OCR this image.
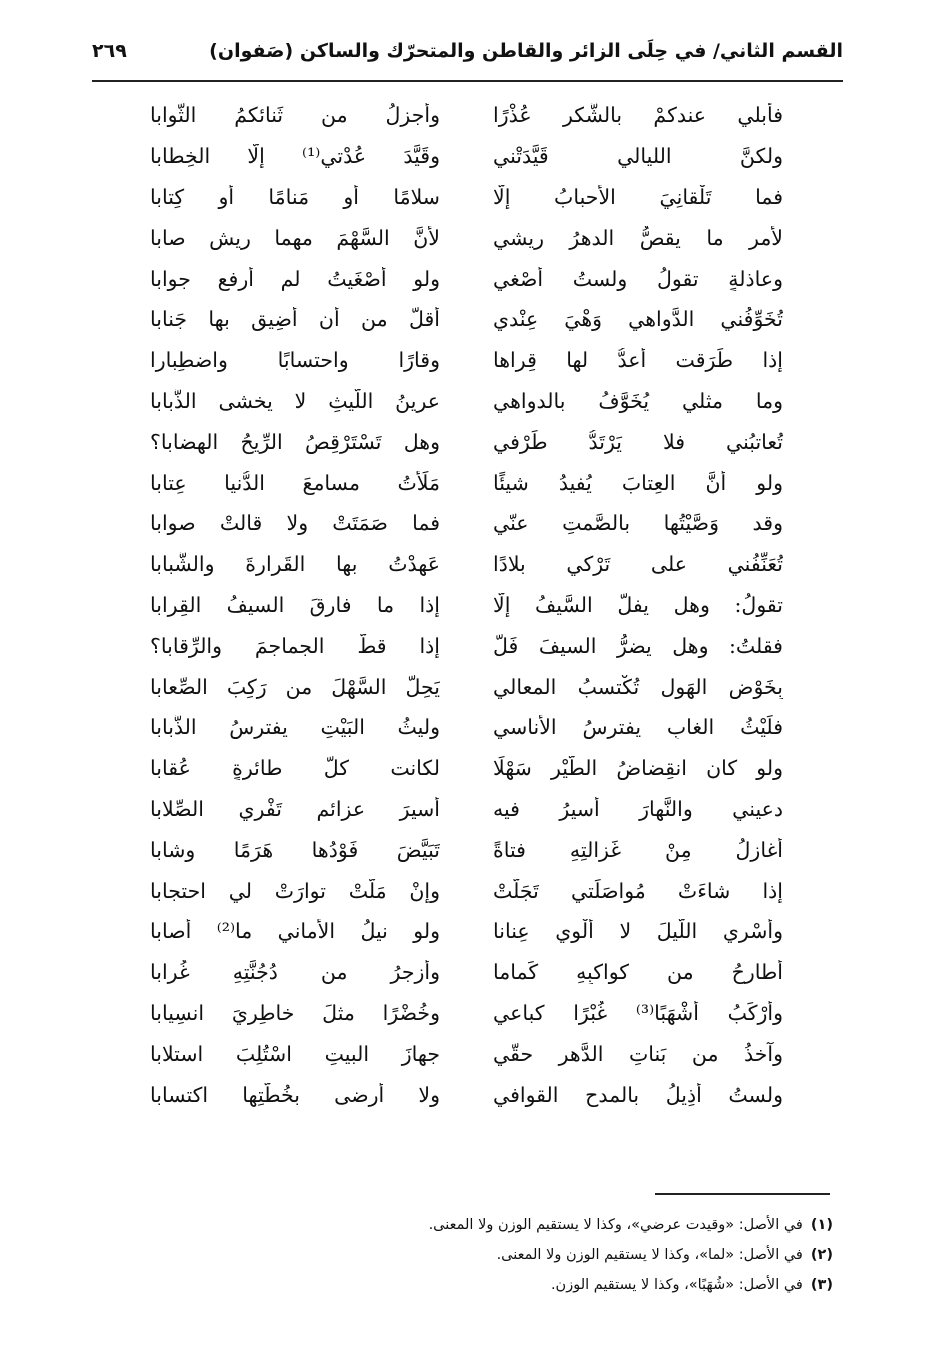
القسم الثاني/ في حِلَى الزائر والقاطن والمتحرّك والساكن (صَفوان)
٢٦٩
فأُبلي عندكمْ بالشُّكر عُذْرًا
وأَجزِلُ من ثَنائكمُ الثَّوابا
ولكنَّ الليالي قَيَّدَتْني
وقَيَّدَ عُدْتي⁽¹⁾ إلّا الخِطابا
فما تَلْقانِيَ الأحبابُ إلّا
سلامًا أو مَنامًا أو كِتابا
لأمرٍ ما يقصُّ الدهرُ رِيشي
لأنَّ السَّهْمَ مهما رِيش صابا
وعاذلةٍ تقولُ ولستُ أُصْغي
ولو أصْغَيتُ لم أرفع جوابا
تُخَوِّفُني الدَّواهي وَهْيَ عِنْدي
أقلُّ من أن أُضِيق بها جَنابا
إذا طَرَقت أعدُّ لها قِراها
وقارًا واحتسابًا واضطِبارا
وما مثلي يُخَوَّفُ بالدواهي
عرينُ اللّيثِ لا يخشى الذُّبابا
تُعاتبُني فلا يَرْتَدُّ طَرْفي
وهل تَسْتَرْقِصُ الرِّيحُ الهِضابا؟
ولو أنَّ العِتابَ يُفيدُ شيئًا
مَلَأْتُ مسامعَ الدُّنيا عِتابا
وقد وَصَّيْتُها بالصَّمتِ عنّي
فما صَمَتَتْ ولا قالتْ صوابا
تُعَنِّفُني على تَرْكي بلادًا
عَهِدْتُ بها القَرارةَ والشَّبابا
تقولُ: وهل يفلُّ السَّيفُ إلّا
إذا ما فارقَ السيفُ القِرابا
فقلتُ: وهل يضرُّ السيفَ فَلٌّ
إذا قطَّ الجماجمَ والرِّقابا؟
بِخَوْضِ الهَولِ تُكْتسبُ المعالي
يَحِلُّ السَّهْلَ من رَكِبَ الصِّعابا
فلَيْثُ الغابِ يفترسُ الأناسي
وليثُ البَيْتِ يفترسُ الذُّبابا
ولو كان انقِضاضُ الطَّيْرِ سَهْلًا
لكانت كلُّ طائرةٍ عُقابا
دعيني والنَّهارَ أسيرُ فيه
أسيرَ عزائمٍ تَفْري الصِّلابا
أُغازِلُ مِنْ غَزالتِهِ فتاةً
تَبَيَّضَ فَوْدُها هَرَمًا وشابا
إذا شاءَتْ مُواصَلَتي تَجَلَّتْ
وإنْ مَلَّتْ توارَتْ لي احتجابا
وأُسْري اللَّيلَ لا أَلْوي عِنانا
ولو نيلُ الأماني ما⁽²⁾ أصابا
أطارحُ من كواكبِهِ كَماما
وأزجرُ من دُجُنَّتِهِ غُرابا
وأَرْكَبُ أشْهَبًا⁽³⁾ غُبْرًا كباعي
وخُضْرًا مثلَ خاطِرِيَ انسِيابا
وآخذُ من بَناتِ الدَّهرِ حقّي
جهازَ البيتِ اسْتُلِبَ استلابا
ولستُ أُذِيلُ بالمدحِ القوافي
ولا أرضى بخُطَّتِها اكتسابا
(١)في الأصل: «وقيدت عرضي»، وكذا لا يستقيم الوزن ولا المعنى.
(٢)في الأصل: «لما»، وكذا لا يستقيم الوزن ولا المعنى.
(٣)في الأصل: «شُهَبًا»، وكذا لا يستقيم الوزن.
